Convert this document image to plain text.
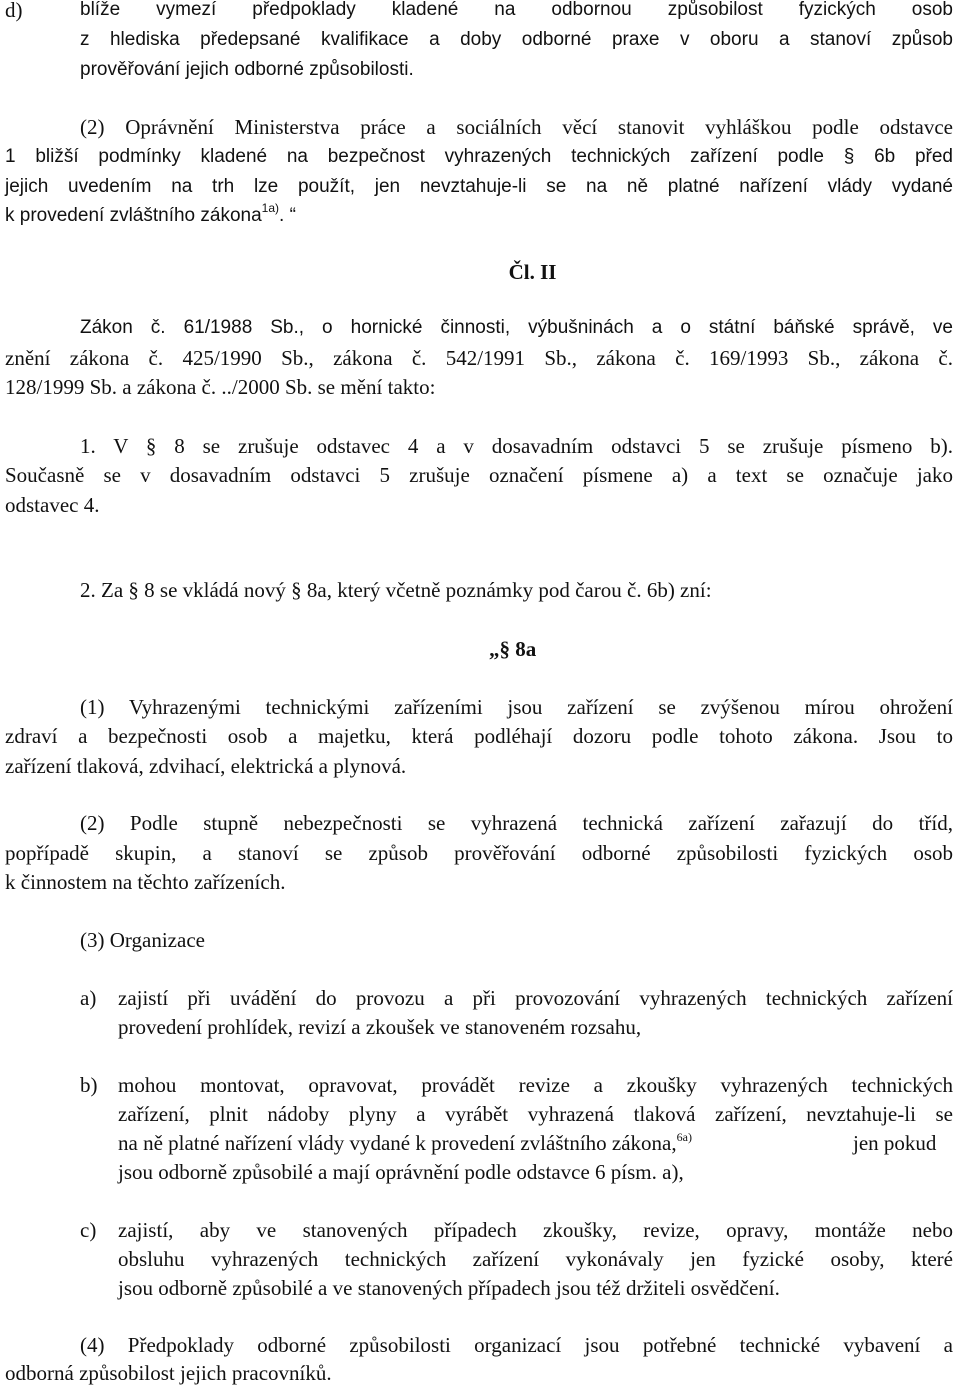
d)	blíže vymezí předpoklady kladené na odbornou způsobilost fyzických osob
z hlediska předepsané kvalifikace a doby odborné praxe v oboru a stanoví způsob
prověřování jejich odborné způsobilosti.
(2) Oprávnění Ministerstva práce a sociálních věcí stanovit vyhláškou podle odstavce
1 bližší podmínky kladené na bezpečnost vyhrazených technických zařízení podle § 6b před
jejich uvedením na trh lze použít, jen nevztahuje-li se na ně platné nařízení vlády vydané
k provedení zvláštního zákona$^{1a)}$. “
Čl. II
Zákon č. 61/1988 Sb., o hornické činnosti, výbušninách a o státní báňské správě, ve
znění zákona č. 425/1990 Sb., zákona č. 542/1991 Sb., zákona č. 169/1993 Sb., zákona č.
128/1999 Sb. a zákona č. ../2000 Sb. se mění takto:
1. V § 8 se zrušuje odstavec 4 a v dosavadním odstavci 5 se zrušuje písmeno b).
Současně se v dosavadním odstavci 5 zrušuje označení písmene a) a text se označuje jako
odstavec 4.
2. Za § 8 se vkládá nový § 8a, který včetně poznámky pod čarou č. 6b) zní:
„§ 8a
(1) Vyhrazenými technickými zařízeními jsou zařízení se zvýšenou mírou ohrožení
zdraví a bezpečnosti osob a majetku, která podléhají dozoru podle tohoto zákona. Jsou to
zařízení tlaková, zdvihací, elektrická a plynová.
(2) Podle stupně nebezpečnosti se vyhrazená technická zařízení zařazují do tříd,
popřípadě skupin, a stanoví se způsob prověřování odborné způsobilosti fyzických osob
k činnostem na těchto zařízeních.
(3) Organizace
a)	zajistí při uvádění do provozu a při provozování vyhrazených technických zařízení
provedení prohlídek, revizí a zkoušek ve stanoveném rozsahu,
b) mohou montovat, opravovat, provádět revize a zkoušky vyhrazených technických
zařízení, plnit nádoby plyny a vyrábět vyhrazená tlaková zařízení, nevztahuje-li se
na ně platné nařízení vlády vydané k provedení zvláštního zákona,$^{6a)}$	jen pokud
jsou odborně způsobilé a mají oprávnění podle odstavce 6 písm. a),
c)	zajistí, aby ve stanovených případech zkoušky, revize, opravy, montáže nebo
obsluhu vyhrazených technických zařízení vykonávaly jen fyzické osoby, které
jsou odborně způsobilé a ve stanovených případech jsou též držiteli osvědčení.
(4) Předpoklady odborné způsobilosti organizací jsou potřebné technické vybavení a
odborná způsobilost jejich pracovníků.
